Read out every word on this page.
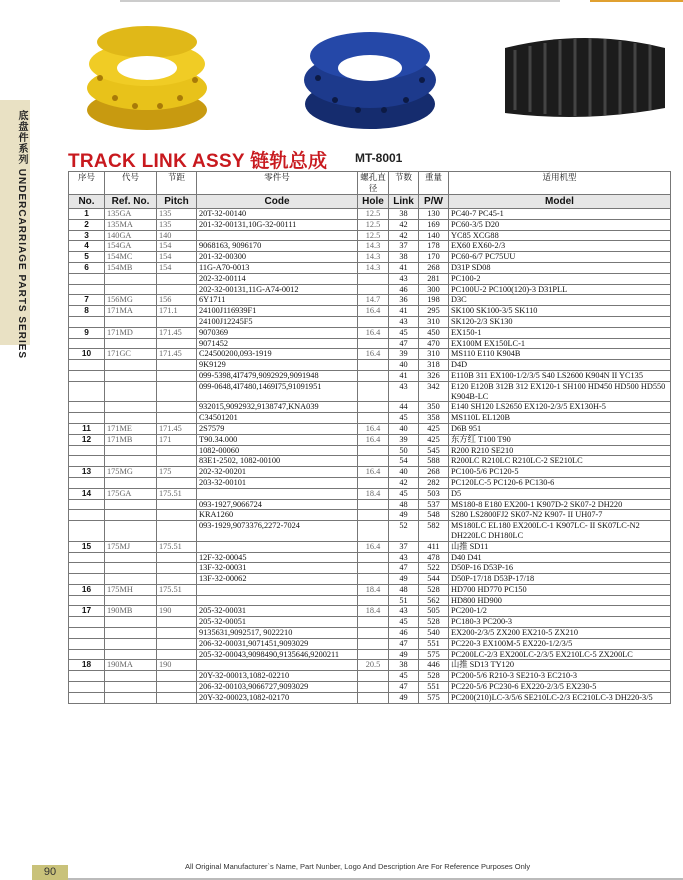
底盘件系列 UNDERCARRIAGE PARTS SERIES TRACK LINK ASSY 链轨总成 MT-8001
序号	代号	节距	零件号	螺孔直径	节数	重量	适用机型
No.	Ref. No.	Pitch	Code	Hole	Link	P/W	Model
1	135GA	135	20T-32-00140	12.5	38	130	PC40-7 PC45-1
2	135MA	135	201-32-00131,10G-32-00111	12.5	42	169	PC60-3/5 D20
3	140GA	140		12.5	42	140	YC85 XCG88
4	154GA	154	9068163, 9096170	14.3	37	178	EX60 EX60-2/3
5	154MC	154	201-32-00300	14.3	38	170	PC60-6/7 PC75UU
6	154MB	154	11G-A70-0013	14.3	41	268	D31P SD08
			202-32-00114		43	281	PC100-2
			202-32-00131,11G-A74-0012		46	300	PC100U-2 PC100(120)-3 D31PLL
7	156MG	156	6Y1711	14.7	36	198	D3C
8	171MA	171.1	24100J116939F1	16.4	41	295	SK100 SK100-3/5 SK110
			24100J12245F5		43	310	SK120-2/3 SK130
9	171MD	171.45	9070369	16.4	45	450	EX150-1
			9071452		47	470	EX100M EX150LC-1
10	171GC	171.45	C24500200,093-1919	16.4	39	310	MS110 E110 K904B
			9K9129		40	318	D4D
			099-5398,4I7479,9092929,9091948		41	326	E110B 311 EX100-1/2/3/5 S40 LS2600 K904N II YC135
			099-0648,4I7480,1469I75,91091951		43	342	E120 E120B 312B 312 EX120-1 SH100 HD450 HD500 HD550 K904B-LC
			932015,9092932,9138747,KNA039		44	350	E140 SH120 LS2650 EX120-2/3/5 EX130H-5
			C34501201		45	358	MS110L EL120B
11	171ME	171.45	2S7579	16.4	40	425	D6B 951
12	171MB	171	T90.34.000	16.4	39	425	东方红 T100 T90
			1082-00060		50	545	R200 R210 SE210
			83E1-2502, 1082-00100		54	588	R200LC R210LC R210LC-2 SE210LC
13	175MG	175	202-32-00201	16.4	40	268	PC100-5/6 PC120-5
			203-32-00101		42	282	PC120LC-5 PC120-6 PC130-6
14	175GA	175.51		18.4	45	503	D5
			093-1927,9066724		48	537	MS180-8 E180 EX200-1 K907D-2 SK07-2 DH220
			KRA1260		49	548	S280 LS2800FJ2 SK07-N2 K907- II UH07-7
			093-1929,9073376,2272-7024		52	582	MS180LC EL180 EX200LC-1 K907LC- II SK07LC-N2 DH220LC DH180LC
15	175MJ	175.51		16.4	37	411	山推 SD11
			12F-32-00045		43	478	D40 D41
			13F-32-00031		47	522	D50P-16 D53P-16
			13F-32-00062		49	544	D50P-17/18 D53P-17/18
16	175MH	175.51		18.4	48	528	HD700 HD770 PC150
					51	562	HD800 HD900
17	190MB	190	205-32-00031	18.4	43	505	PC200-1/2
			205-32-00051		45	528	PC180-3 PC200-3
			9135631,9092517, 9022210		46	540	EX200-2/3/5 ZX200 EX210-5 ZX210
			206-32-00031,9071451,9093029		47	551	PC220-3 EX100M-5 EX220-1/2/3/5
			205-32-00043,9098490,9135646,9200211		49	575	PC200LC-2/3 EX200LC-2/3/5 EX210LC-5 ZX200LC
18	190MA	190		20.5	38	446	山推 SD13 TY120
			20Y-32-00013,1082-02210		45	528	PC200-5/6 R210-3 SE210-3 EC210-3
			206-32-00103,9066727,9093029		47	551	PC220-5/6 PC230-6 EX220-2/3/5 EX230-5
			20Y-32-00023,1082-02170		49	575	PC200(210)LC-3/5/6 SE210LC-2/3 EC210LC-3 DH220-3/5
90	All Original Manufacturer`s Name, Part Nunber, Logo And Description Are For Reference Purposes Only
